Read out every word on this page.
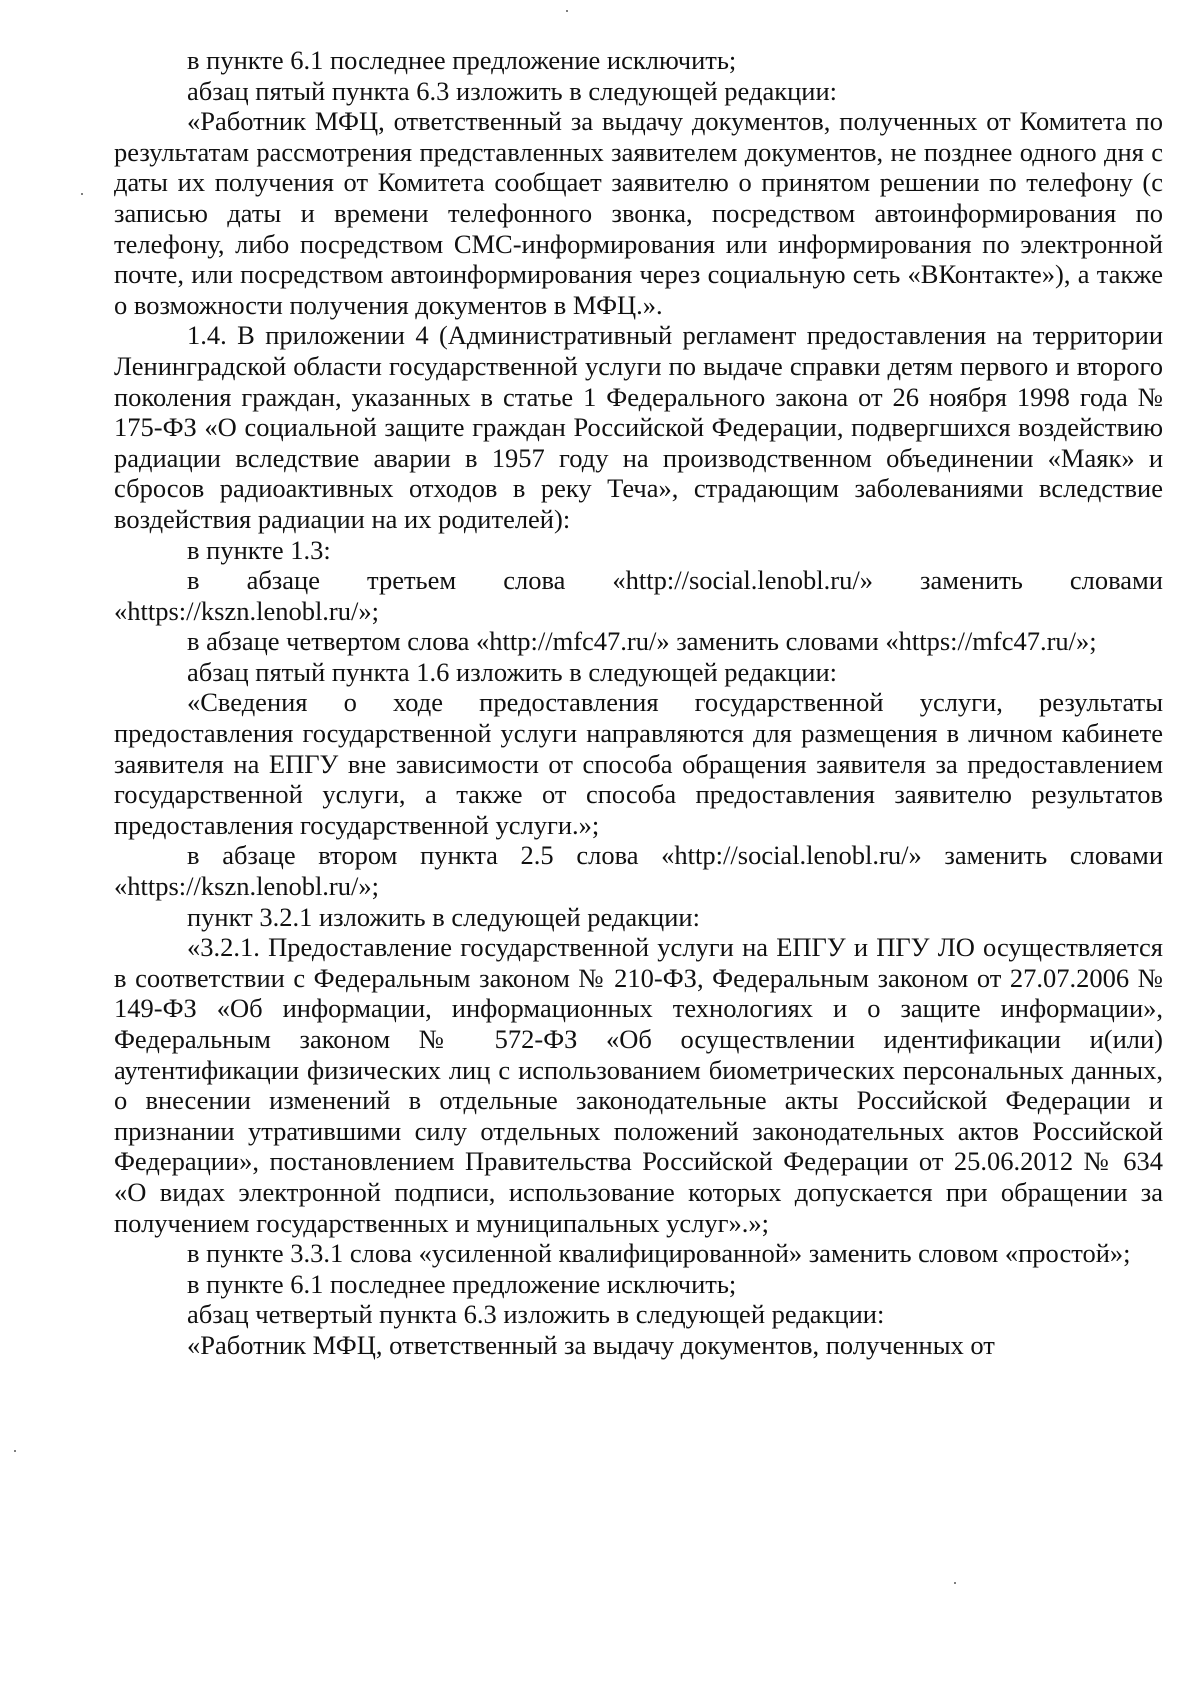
в пункте 6.1 последнее предложение исключить;

абзац пятый пункта 6.3 изложить в следующей редакции:

«Работник МФЦ, ответственный за выдачу документов, полученных от Комитета по результатам рассмотрения представленных заявителем документов, не позднее одного дня с даты их получения от Комитета сообщает заявителю о принятом решении по телефону (с записью даты и времени телефонного звонка, посредством автоинформирования по телефону, либо посредством СМС-информирования или информирования по электронной почте, или посредством автоинформирования через социальную сеть «ВКонтакте»), а также о возможности получения документов в МФЦ.».

1.4. В приложении 4 (Административный регламент предоставления на территории Ленинградской области государственной услуги по выдаче справки детям первого и второго поколения граждан, указанных в статье 1 Федерального закона от 26 ноября 1998 года № 175-ФЗ «О социальной защите граждан Российской Федерации, подвергшихся воздействию радиации вследствие аварии в 1957 году на производственном объединении «Маяк» и сбросов радиоактивных отходов в реку Теча», страдающим заболеваниями вследствие воздействия радиации на их родителей):

в пункте 1.3:

в абзаце третьем слова «http://social.lenobl.ru/» заменить словами «https://kszn.lenobl.ru/»;

в абзаце четвертом слова «http://mfc47.ru/» заменить словами «https://mfc47.ru/»;

абзац пятый пункта 1.6 изложить в следующей редакции:

«Сведения о ходе предоставления государственной услуги, результаты предоставления государственной услуги направляются для размещения в личном кабинете заявителя на ЕПГУ вне зависимости от способа обращения заявителя за предоставлением государственной услуги, а также от способа предоставления заявителю результатов предоставления государственной услуги.»;

в абзаце втором пункта 2.5 слова «http://social.lenobl.ru/» заменить словами «https://kszn.lenobl.ru/»;

пункт 3.2.1 изложить в следующей редакции:

«3.2.1. Предоставление государственной услуги на ЕПГУ и ПГУ ЛО осуществляется в соответствии с Федеральным законом № 210-ФЗ, Федеральным законом от 27.07.2006 № 149-ФЗ «Об информации, информационных технологиях и о защите информации», Федеральным законом № 572-ФЗ «Об осуществлении идентификации и(или) аутентификации физических лиц с использованием биометрических персональных данных, о внесении изменений в отдельные законодательные акты Российской Федерации и признании утратившими силу отдельных положений законодательных актов Российской Федерации», постановлением Правительства Российской Федерации от 25.06.2012 № 634 «О видах электронной подписи, использование которых допускается при обращении за получением государственных и муниципальных услуг».»;

в пункте 3.3.1 слова «усиленной квалифицированной» заменить словом «простой»;

в пункте 6.1 последнее предложение исключить;

абзац четвертый пункта 6.3 изложить в следующей редакции:

«Работник МФЦ, ответственный за выдачу документов, полученных от
